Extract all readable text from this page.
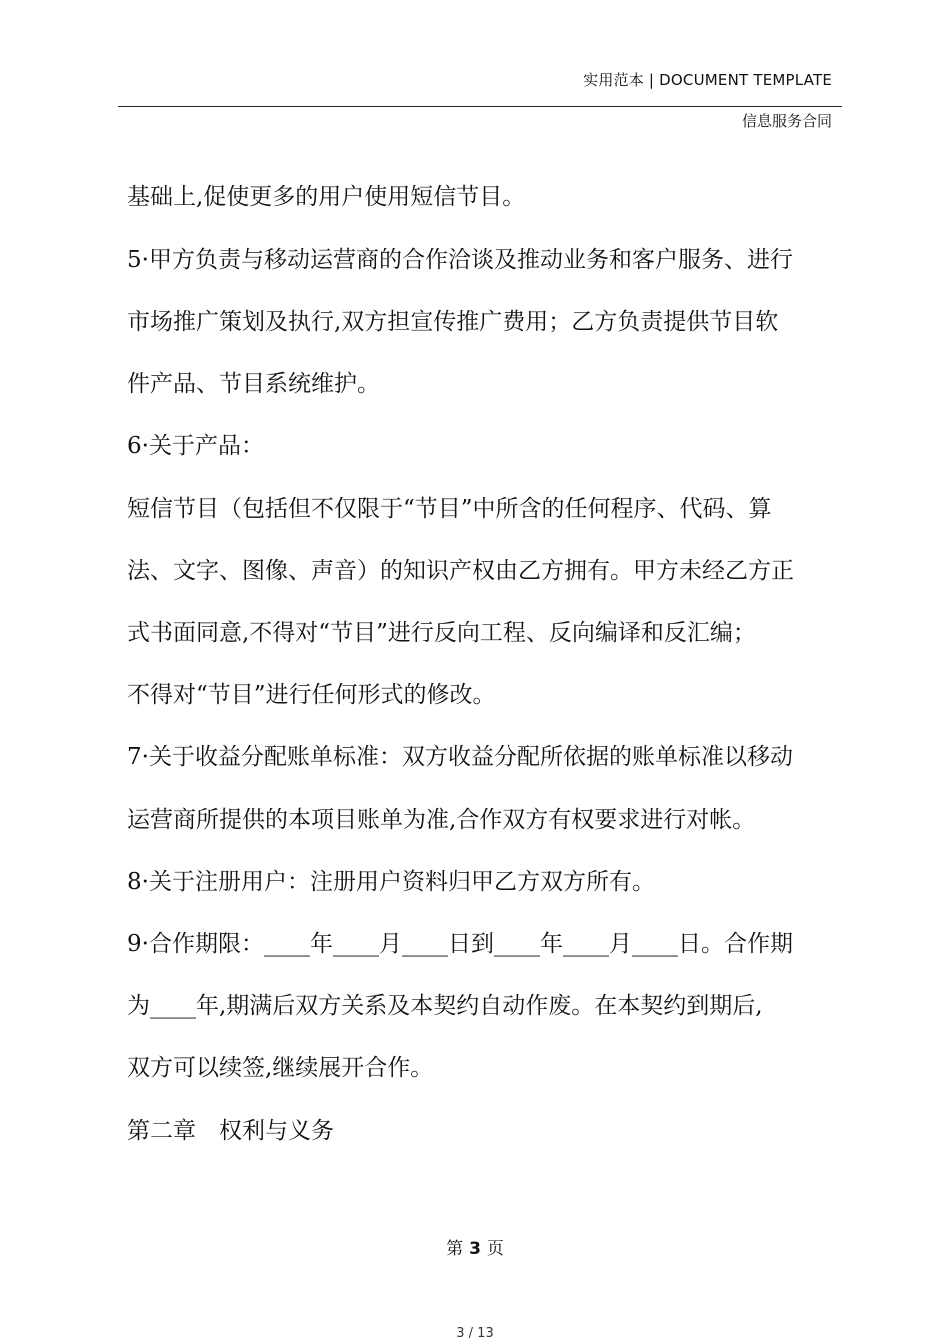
实用范本 | DOCUMENT TEMPLATE
信息服务合同
基础上,促使更多的用户使用短信节目。
5·甲方负责与移动运营商的合作洽谈及推动业务和客户服务、进行
市场推广策划及执行,双方担宣传推广费用；乙方负责提供节目软
件产品、节目系统维护。
6·关于产品：
短信节目（包括但不仅限于“节目”中所含的任何程序、代码、算
法、文字、图像、声音）的知识产权由乙方拥有。甲方未经乙方正
式书面同意,不得对“节目”进行反向工程、反向编译和反汇编；
不得对“节目”进行任何形式的修改。
7·关于收益分配账单标准：双方收益分配所依据的账单标准以移动
运营商所提供的本项目账单为准,合作双方有权要求进行对帐。
8·关于注册用户：注册用户资料归甲乙方双方所有。
9·合作期限：____年____月____日到____年____月____日。合作期
为____年,期满后双方关系及本契约自动作废。在本契约到期后,
双方可以续签,继续展开合作。
第二章　权利与义务
第 3 页
3 / 13
